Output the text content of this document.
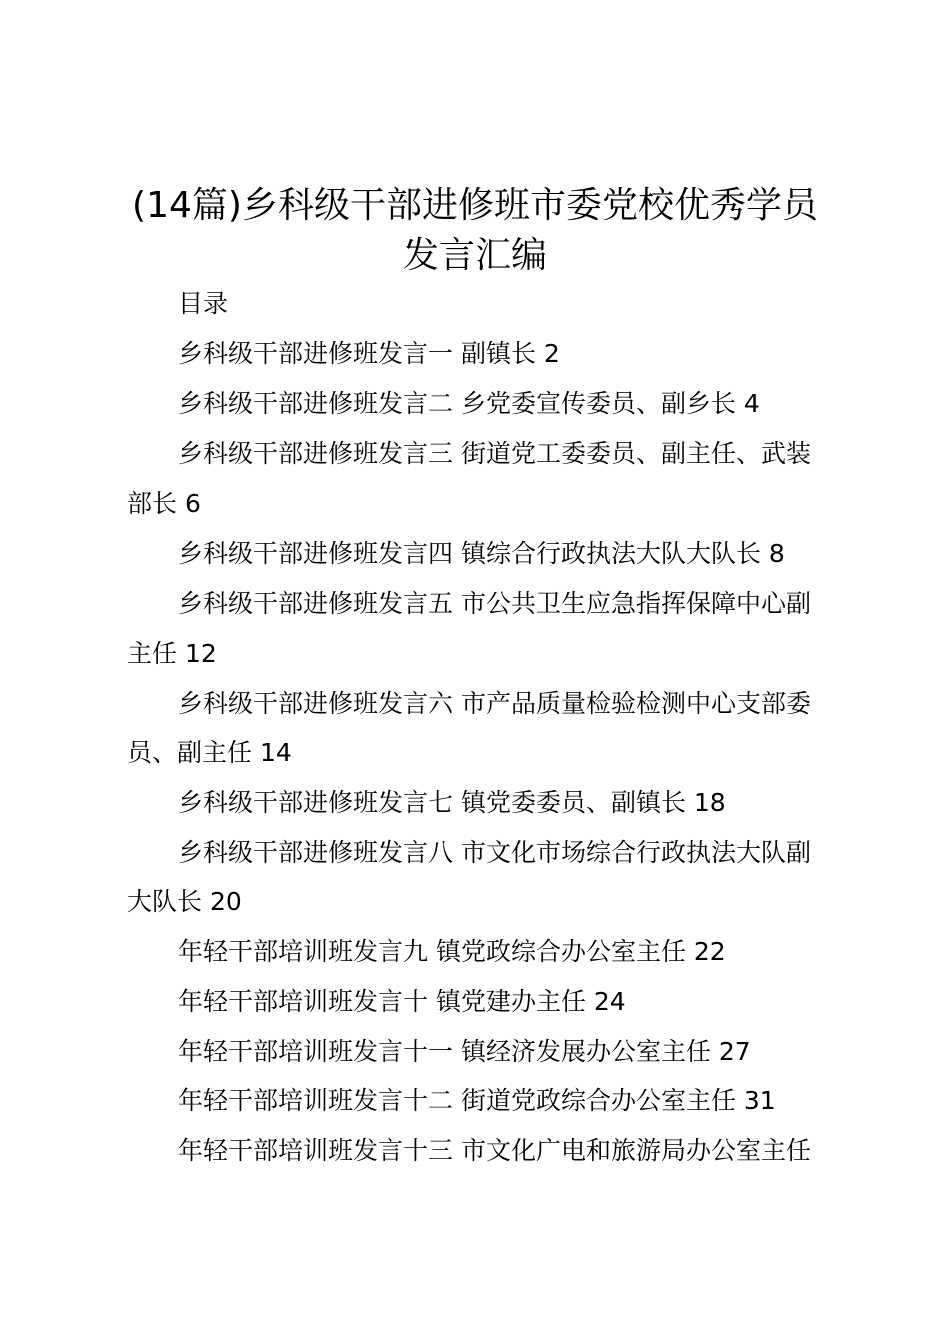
(14篇)乡科级干部进修班市委党校优秀学员
发言汇编
目录
乡科级干部进修班发言一 副镇长 2
乡科级干部进修班发言二 乡党委宣传委员、副乡长 4
乡科级干部进修班发言三 街道党工委委员、副主任、武装
部长 6
乡科级干部进修班发言四 镇综合行政执法大队大队长 8
乡科级干部进修班发言五 市公共卫生应急指挥保障中心副
主任 12
乡科级干部进修班发言六 市产品质量检验检测中心支部委
员、副主任 14
乡科级干部进修班发言七 镇党委委员、副镇长 18
乡科级干部进修班发言八 市文化市场综合行政执法大队副
大队长 20
年轻干部培训班发言九 镇党政综合办公室主任 22
年轻干部培训班发言十 镇党建办主任 24
年轻干部培训班发言十一 镇经济发展办公室主任 27
年轻干部培训班发言十二 街道党政综合办公室主任 31
年轻干部培训班发言十三 市文化广电和旅游局办公室主任
